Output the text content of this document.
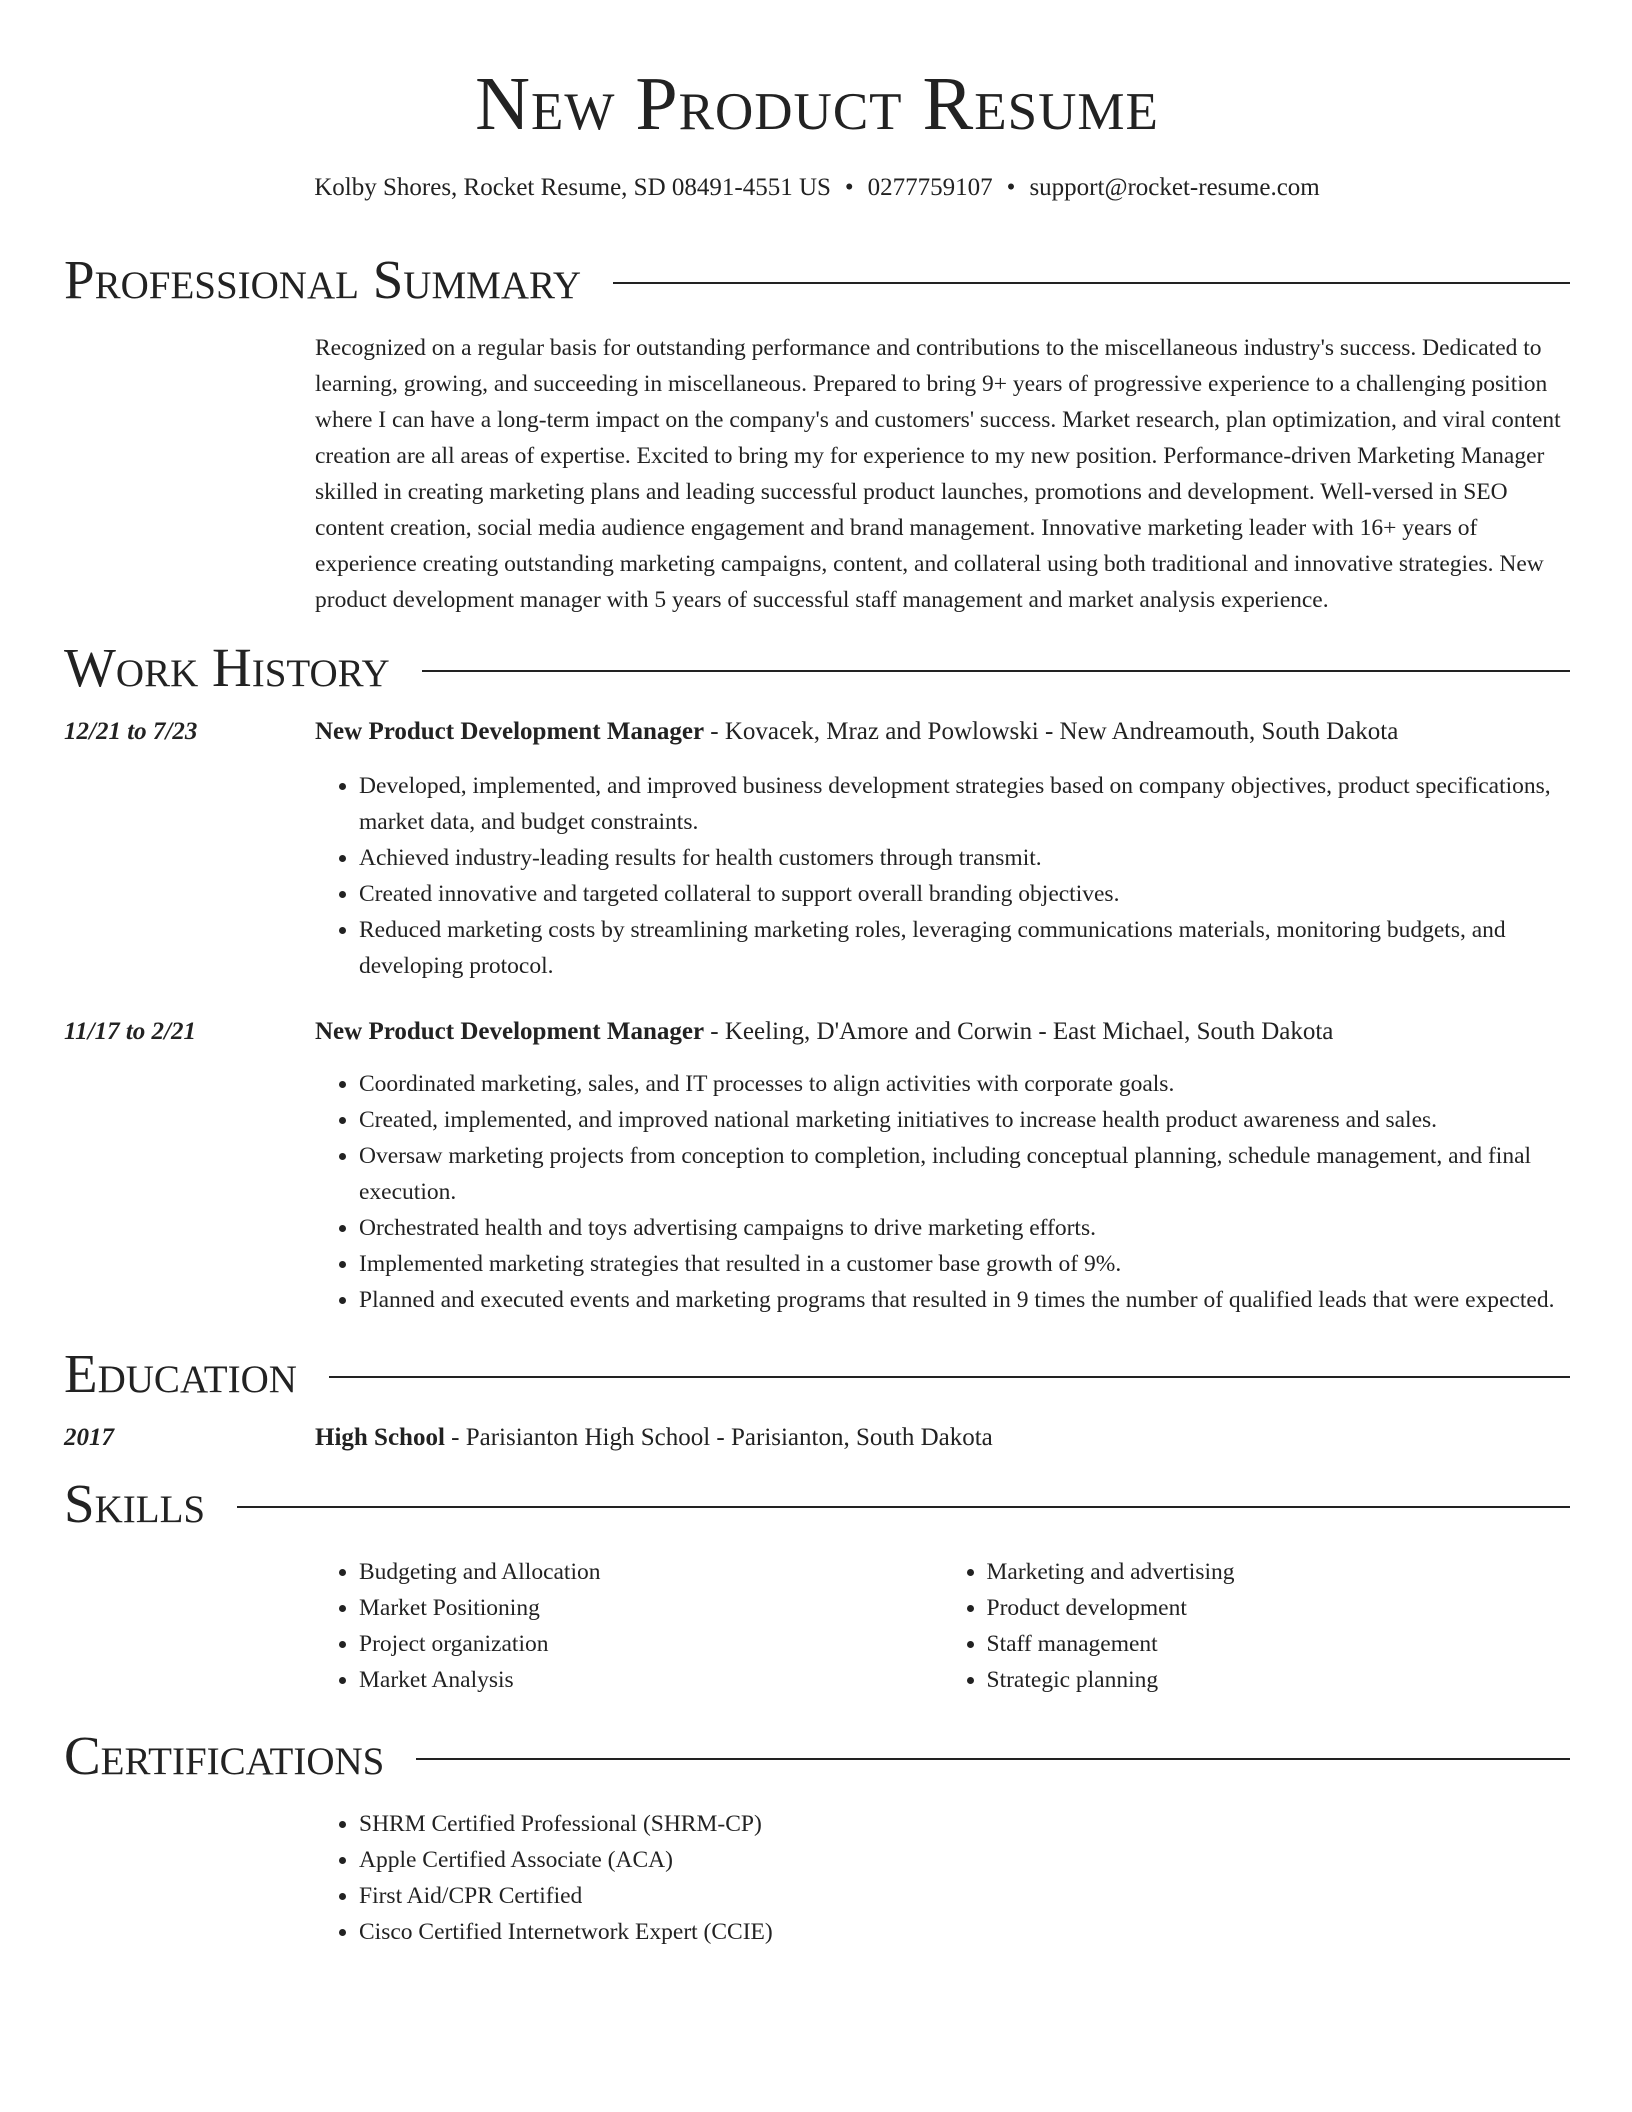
New Product Resume
Kolby Shores, Rocket Resume, SD 08491-4551 US • 0277759107 • support@rocket-resume.com
Professional Summary
Recognized on a regular basis for outstanding performance and contributions to the miscellaneous industry's success. Dedicated to learning, growing, and succeeding in miscellaneous. Prepared to bring 9+ years of progressive experience to a challenging position where I can have a long-term impact on the company's and customers' success. Market research, plan optimization, and viral content creation are all areas of expertise. Excited to bring my for experience to my new position. Performance-driven Marketing Manager skilled in creating marketing plans and leading successful product launches, promotions and development. Well-versed in SEO content creation, social media audience engagement and brand management. Innovative marketing leader with 16+ years of experience creating outstanding marketing campaigns, content, and collateral using both traditional and innovative strategies. New product development manager with 5 years of successful staff management and market analysis experience.
Work History
12/21 to 7/23	New Product Development Manager - Kovacek, Mraz and Powlowski - New Andreamouth, South Dakota
• Developed, implemented, and improved business development strategies based on company objectives, product specifications, market data, and budget constraints.
• Achieved industry-leading results for health customers through transmit.
• Created innovative and targeted collateral to support overall branding objectives.
• Reduced marketing costs by streamlining marketing roles, leveraging communications materials, monitoring budgets, and developing protocol.
11/17 to 2/21	New Product Development Manager - Keeling, D'Amore and Corwin - East Michael, South Dakota
• Coordinated marketing, sales, and IT processes to align activities with corporate goals.
• Created, implemented, and improved national marketing initiatives to increase health product awareness and sales.
• Oversaw marketing projects from conception to completion, including conceptual planning, schedule management, and final execution.
• Orchestrated health and toys advertising campaigns to drive marketing efforts.
• Implemented marketing strategies that resulted in a customer base growth of 9%.
• Planned and executed events and marketing programs that resulted in 9 times the number of qualified leads that were expected.
Education
2017	High School - Parisianton High School - Parisianton, South Dakota
Skills
• Budgeting and Allocation
• Market Positioning
• Project organization
• Market Analysis
• Marketing and advertising
• Product development
• Staff management
• Strategic planning
Certifications
• SHRM Certified Professional (SHRM-CP)
• Apple Certified Associate (ACA)
• First Aid/CPR Certified
• Cisco Certified Internetwork Expert (CCIE)
